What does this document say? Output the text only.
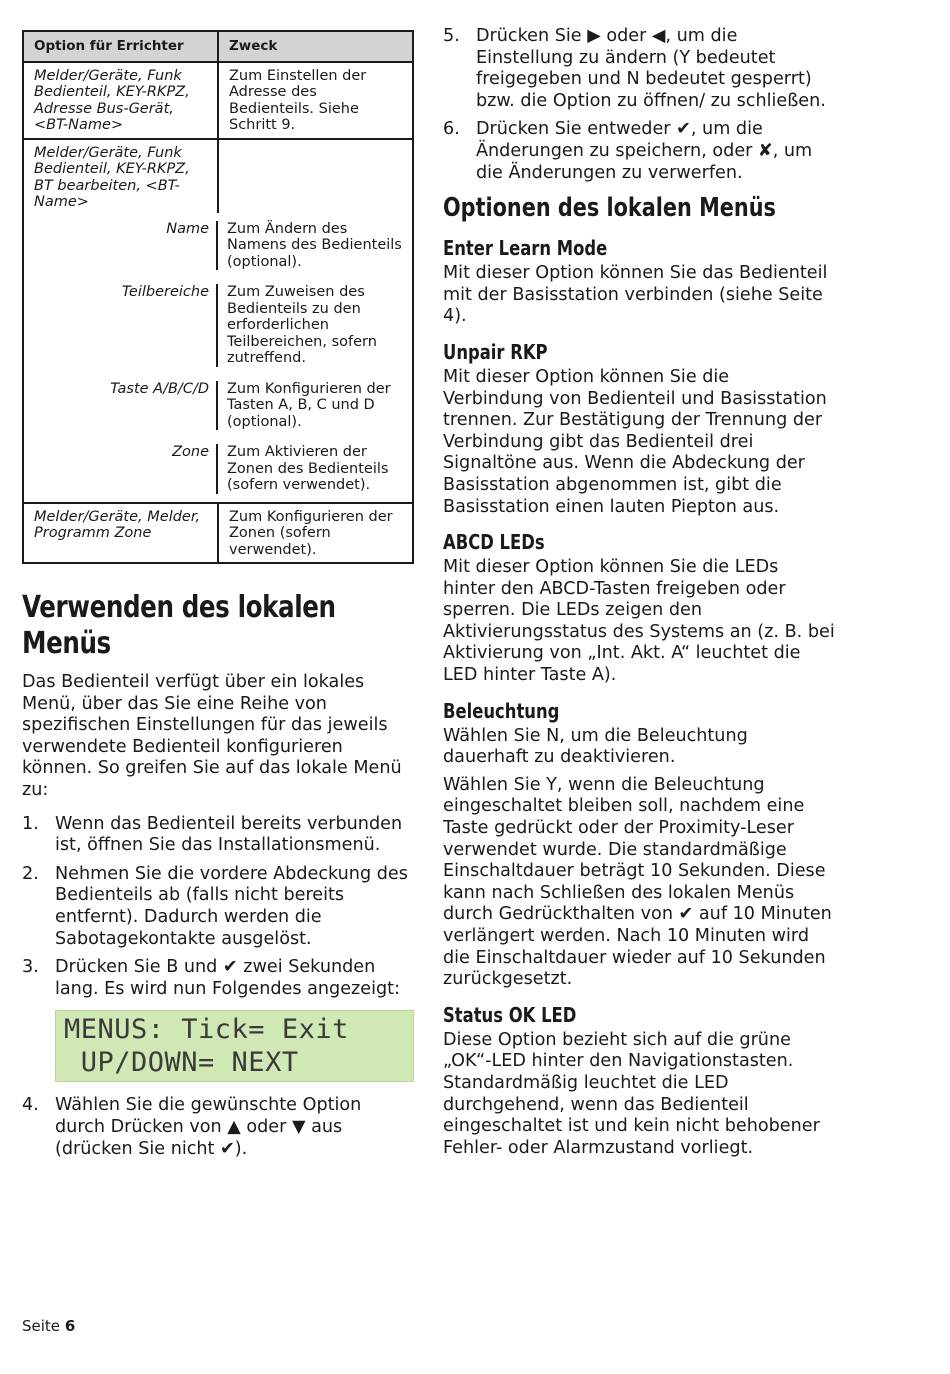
Option für Errichter	Zweck
Melder/Geräte, Funk Bedienteil, KEY-RKPZ, Adresse Bus-Gerät, <BT-Name>	Zum Einstellen der Adresse des Bedienteils. Siehe Schritt 9.
Melder/Geräte, Funk Bedienteil, KEY-RKPZ, BT bearbeiten, <BT-Name>	
Name	Zum Ändern des Namens des Bedienteils (optional).
Teilbereiche	Zum Zuweisen des Bedienteils zu den erforderlichen Teilbereichen, sofern zutreffend.
Taste A/B/C/D	Zum Konfigurieren der Tasten A, B, C und D (optional).
Zone	Zum Aktivieren der Zonen des Bedienteils (sofern verwendet).
Melder/Geräte, Melder, Programm Zone	Zum Konfigurieren der Zonen (sofern verwendet).
Verwenden des lokalen Menüs

Das Bedienteil verfügt über ein lokales Menü, über das Sie eine Reihe von spezifischen Einstellungen für das jeweils verwendete Bedienteil konfigurieren können. So greifen Sie auf das lokale Menü zu:

1. Wenn das Bedienteil bereits verbunden ist, öffnen Sie das Installationsmenü.
2. Nehmen Sie die vordere Abdeckung des Bedienteils ab (falls nicht bereits entfernt). Dadurch werden die Sabotagekontakte ausgelöst.
3. Drücken Sie B und ✔ zwei Sekunden lang. Es wird nun Folgendes angezeigt:
MENUS: Tick= Exit
UP/DOWN= NEXT
4. Wählen Sie die gewünschte Option durch Drücken von ▲ oder ▼ aus (drücken Sie nicht ✔).
5. Drücken Sie ▶ oder ◀, um die Einstellung zu ändern (Y bedeutet freigegeben und N bedeutet gesperrt) bzw. die Option zu öffnen/ zu schließen.
6. Drücken Sie entweder ✔, um die Änderungen zu speichern, oder ✘, um die Änderungen zu verwerfen.
Optionen des lokalen Menüs
Enter Learn Mode

Mit dieser Option können Sie das Bedienteil mit der Basisstation verbinden (siehe Seite 4).

Unpair RKP

Mit dieser Option können Sie die Verbindung von Bedienteil und Basisstation trennen. Zur Bestätigung der Trennung der Verbindung gibt das Bedienteil drei Signaltöne aus. Wenn die Abdeckung der Basisstation abgenommen ist, gibt die Basisstation einen lauten Piepton aus.

ABCD LEDs

Mit dieser Option können Sie die LEDs hinter den ABCD-Tasten freigeben oder sperren. Die LEDs zeigen den Aktivierungsstatus des Systems an (z. B. bei Aktivierung von „Int. Akt. A“ leuchtet die LED hinter Taste A).

Beleuchtung

Wählen Sie N, um die Beleuchtung dauerhaft zu deaktivieren.

Wählen Sie Y, wenn die Beleuchtung eingeschaltet bleiben soll, nachdem eine Taste gedrückt oder der Proximity-Leser verwendet wurde. Die standardmäßige Einschaltdauer beträgt 10 Sekunden. Diese kann nach Schließen des lokalen Menüs durch Gedrückthalten von ✔ auf 10 Minuten verlängert werden. Nach 10 Minuten wird die Einschaltdauer wieder auf 10 Sekunden zurückgesetzt.

Status OK LED

Diese Option bezieht sich auf die grüne „OK“-LED hinter den Navigationstasten. Standardmäßig leuchtet die LED durchgehend, wenn das Bedienteil eingeschaltet ist und kein nicht behobener Fehler- oder Alarmzustand vorliegt.

Seite 6
